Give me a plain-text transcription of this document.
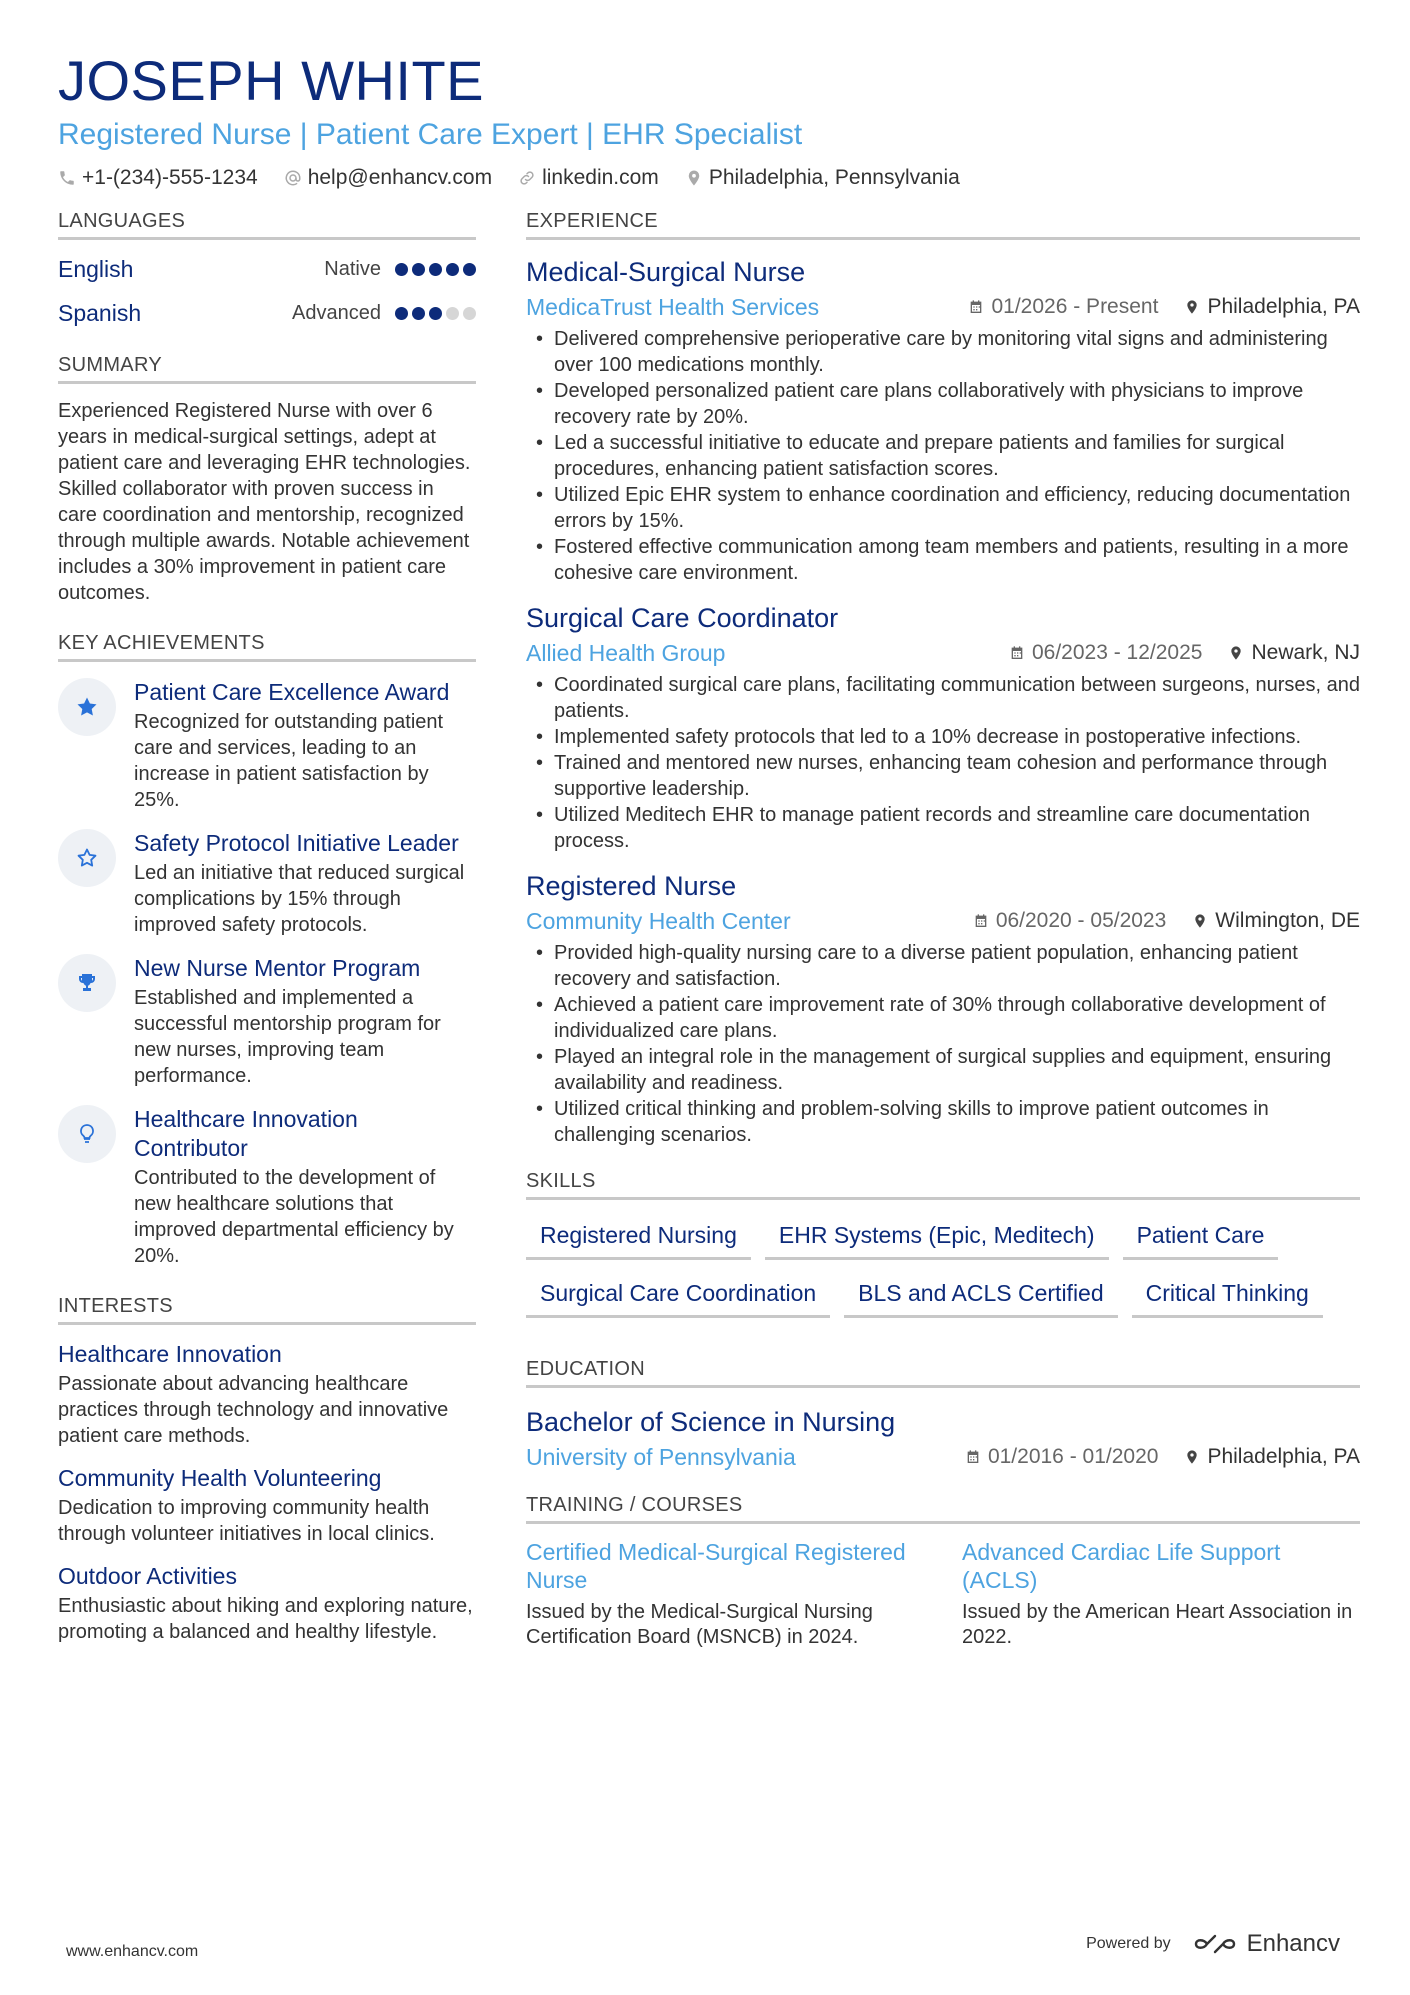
JOSEPH WHITE
Registered Nurse | Patient Care Expert | EHR Specialist
+1-(234)-555-1234 help@enhancv.com linkedin.com Philadelphia, Pennsylvania
LANGUAGES
English	Native
Spanish	Advanced
SUMMARY

Experienced Registered Nurse with over 6 years in medical-surgical settings, adept at patient care and leveraging EHR technologies. Skilled collaborator with proven success in care coordination and mentorship, recognized through multiple awards. Notable achievement includes a 30% improvement in patient care outcomes.

KEY ACHIEVEMENTS
Patient Care Excellence Award
Recognized for outstanding patient care and services, leading to an increase in patient satisfaction by 25%.
Safety Protocol Initiative Leader
Led an initiative that reduced surgical complications by 15% through improved safety protocols.
New Nurse Mentor Program
Established and implemented a successful mentorship program for new nurses, improving team performance.
Healthcare Innovation Contributor
Contributed to the development of new healthcare solutions that improved departmental efficiency by 20%.
INTERESTS
Healthcare Innovation
Passionate about advancing healthcare practices through technology and innovative patient care methods.
Community Health Volunteering
Dedication to improving community health through volunteer initiatives in local clinics.
Outdoor Activities
Enthusiastic about hiking and exploring nature, promoting a balanced and healthy lifestyle.
EXPERIENCE
Medical-Surgical Nurse
MedicaTrust Health Services	01/2026 - Present Philadelphia, PA
• Delivered comprehensive perioperative care by monitoring vital signs and administering over 100 medications monthly.
• Developed personalized patient care plans collaboratively with physicians to improve recovery rate by 20%.
• Led a successful initiative to educate and prepare patients and families for surgical procedures, enhancing patient satisfaction scores.
• Utilized Epic EHR system to enhance coordination and efficiency, reducing documentation errors by 15%.
• Fostered effective communication among team members and patients, resulting in a more cohesive care environment.
Surgical Care Coordinator
Allied Health Group	06/2023 - 12/2025 Newark, NJ
• Coordinated surgical care plans, facilitating communication between surgeons, nurses, and patients.
• Implemented safety protocols that led to a 10% decrease in postoperative infections.
• Trained and mentored new nurses, enhancing team cohesion and performance through supportive leadership.
• Utilized Meditech EHR to manage patient records and streamline care documentation process.
Registered Nurse
Community Health Center	06/2020 - 05/2023 Wilmington, DE
• Provided high-quality nursing care to a diverse patient population, enhancing patient recovery and satisfaction.
• Achieved a patient care improvement rate of 30% through collaborative development of individualized care plans.
• Played an integral role in the management of surgical supplies and equipment, ensuring availability and readiness.
• Utilized critical thinking and problem-solving skills to improve patient outcomes in challenging scenarios.
SKILLS
Registered Nursing	EHR Systems (Epic, Meditech)	Patient Care
Surgical Care Coordination	BLS and ACLS Certified	Critical Thinking
EDUCATION
Bachelor of Science in Nursing
University of Pennsylvania	01/2016 - 01/2020 Philadelphia, PA
TRAINING / COURSES
Certified Medical-Surgical Registered Nurse
Issued by the Medical-Surgical Nursing Certification Board (MSNCB) in 2024.
Advanced Cardiac Life Support (ACLS)
Issued by the American Heart Association in 2022.
www.enhancv.com	Powered by	Enhancv
